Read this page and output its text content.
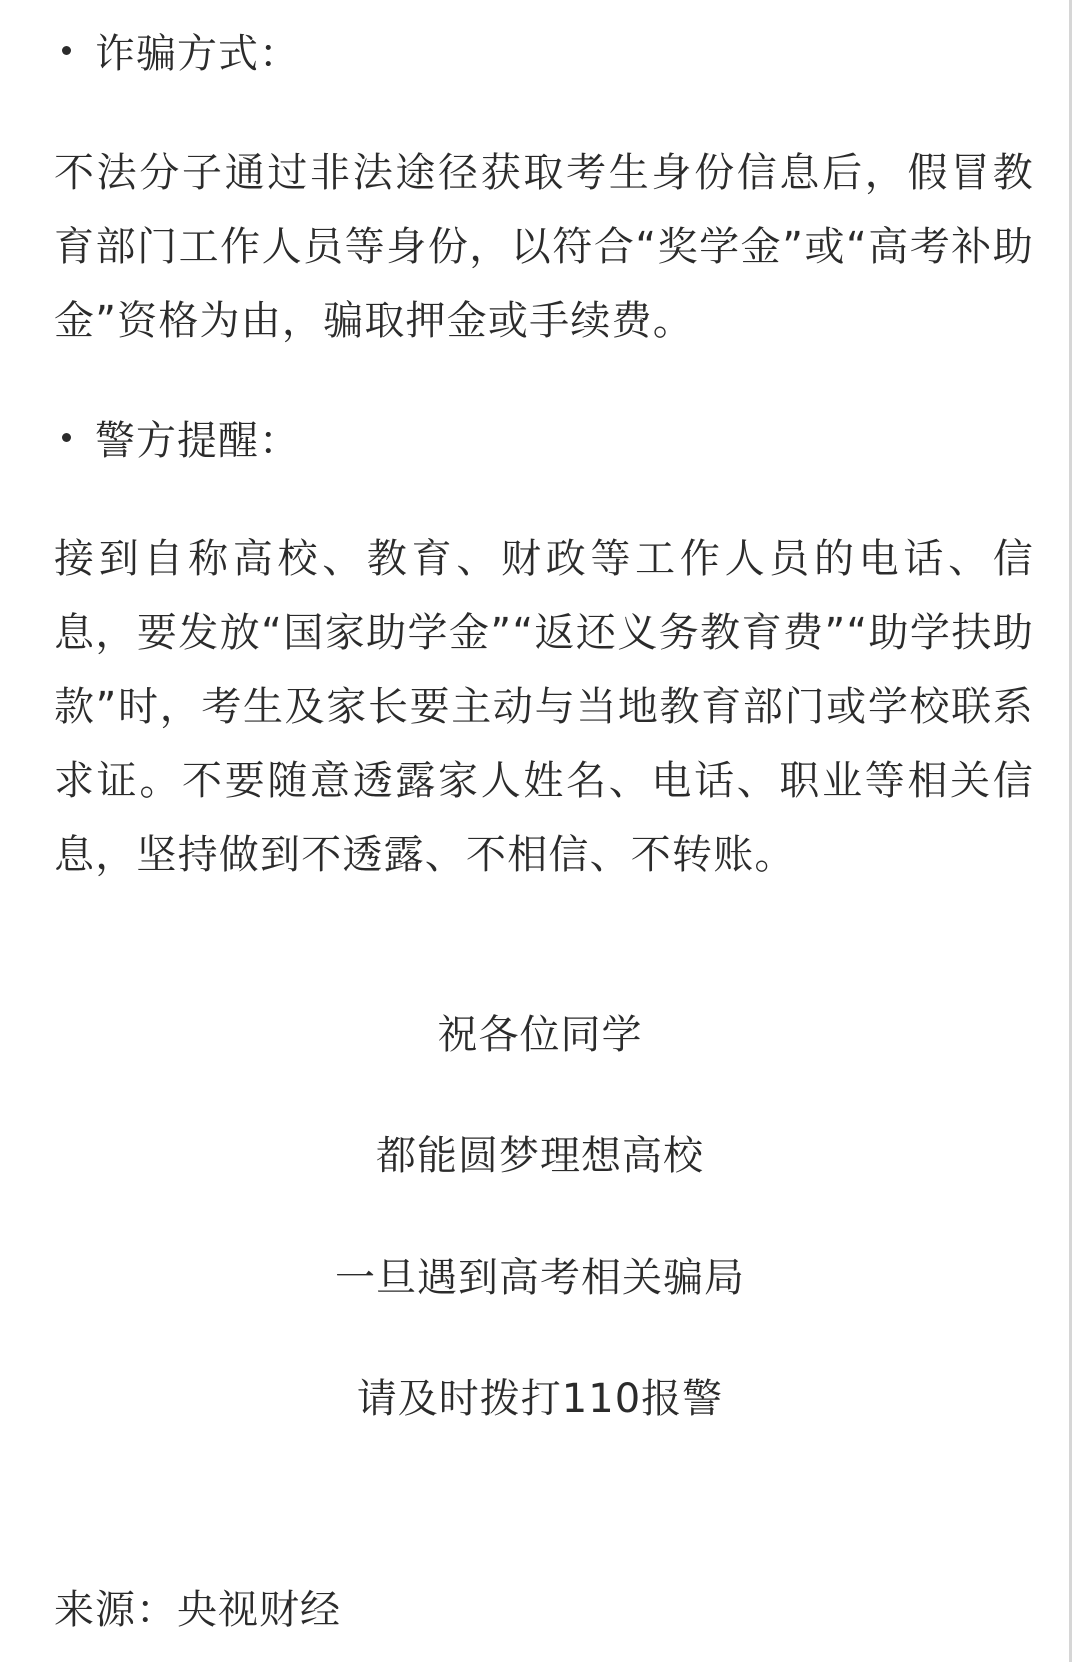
诈骗方式：

不法分子通过非法途径获取考生身份信息后，假冒教育部门工作人员等身份，以符合“奖学金”或“高考补助金”资格为由，骗取押金或手续费。

警方提醒：

接到自称高校、教育、财政等工作人员的电话、信息，要发放“国家助学金”“返还义务教育费”“助学扶助款”时，考生及家长要主动与当地教育部门或学校联系求证。不要随意透露家人姓名、电话、职业等相关信息，坚持做到不透露、不相信、不转账。

祝各位同学
都能圆梦理想高校
一旦遇到高考相关骗局
请及时拨打110报警
来源：央视财经
